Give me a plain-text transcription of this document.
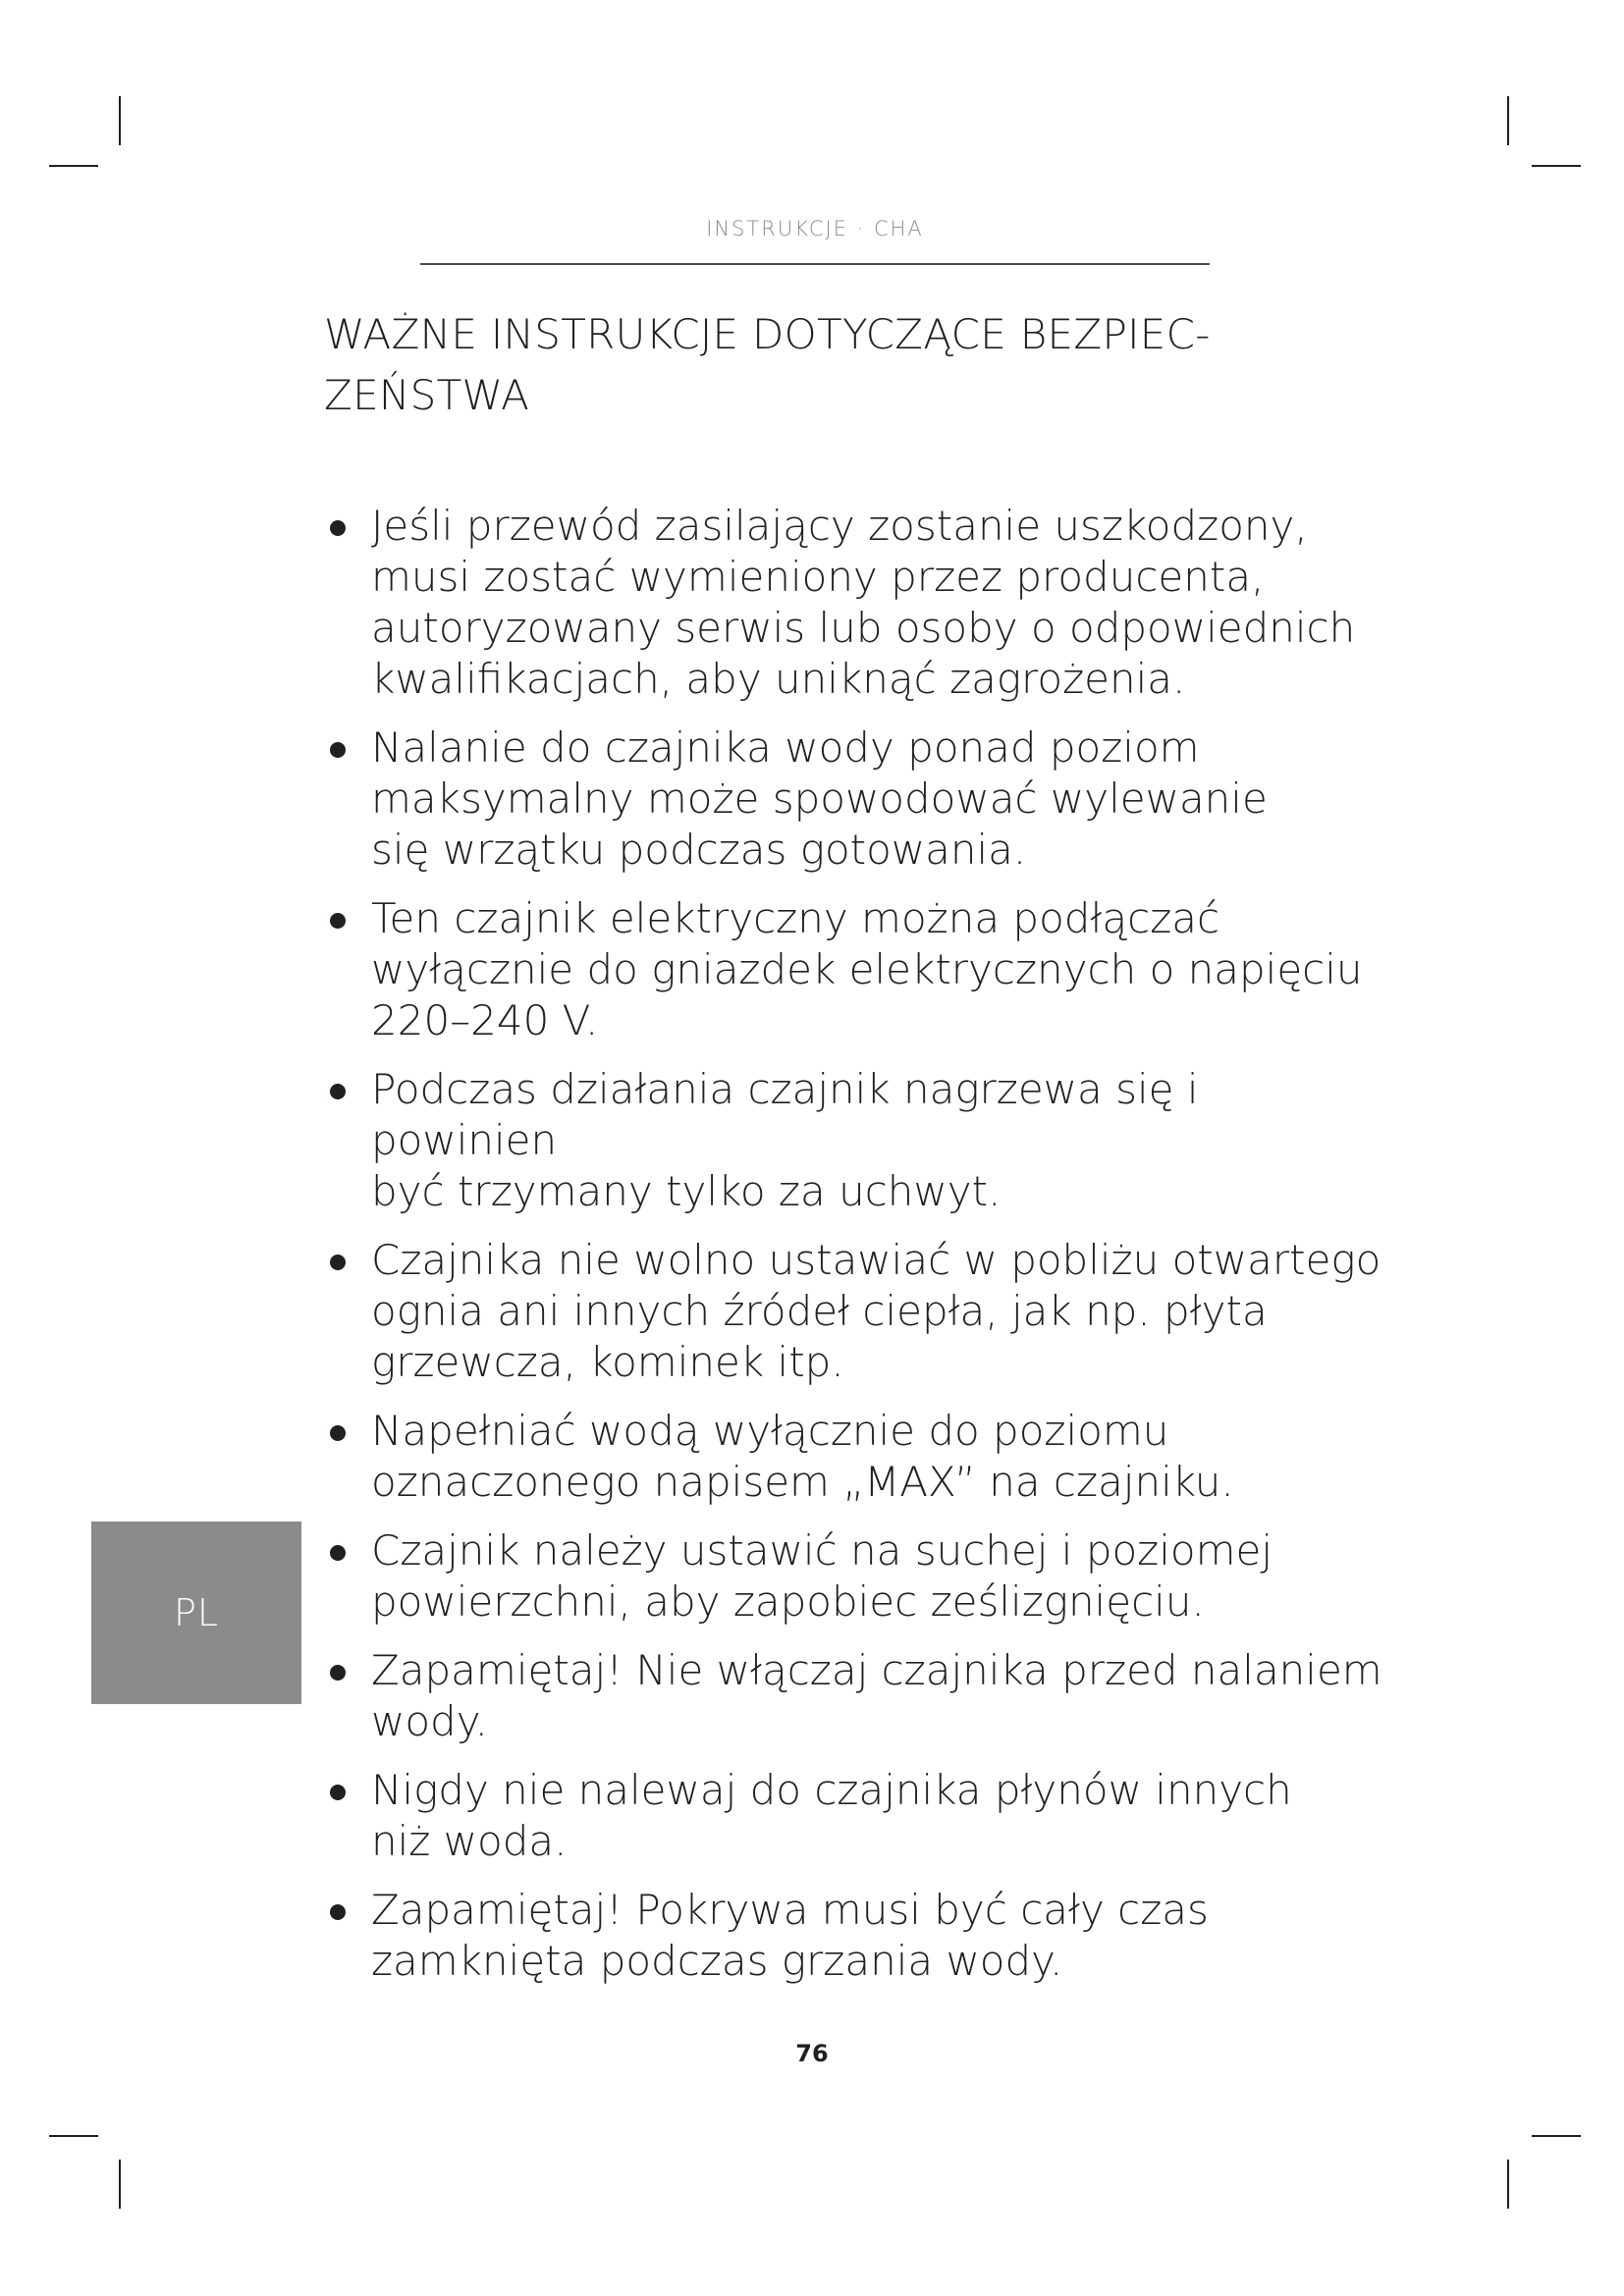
INSTRUKCJE · CHA
WAŻNE INSTRUKCJE DOTYCZĄCE BEZPIEC-
ZEŃSTWA
Jeśli przewód zasilający zostanie uszkodzony,
musi zostać wymieniony przez producenta,
autoryzowany serwis lub osoby o odpowiednich
kwalifikacjach, aby uniknąć zagrożenia.
Nalanie do czajnika wody ponad poziom
maksymalny może spowodować wylewanie
się wrzątku podczas gotowania.
Ten czajnik elektryczny można podłączać
wyłącznie do gniazdek elektrycznych o napięciu
220–240 V.
Podczas działania czajnik nagrzewa się i powinien
być trzymany tylko za uchwyt.
Czajnika nie wolno ustawiać w pobliżu otwartego
ognia ani innych źródeł ciepła, jak np. płyta
grzewcza, kominek itp.
Napełniać wodą wyłącznie do poziomu
oznaczonego napisem „MAX” na czajniku.
Czajnik należy ustawić na suchej i poziomej
powierzchni, aby zapobiec ześlizgnięciu.
Zapamiętaj! Nie włączaj czajnika przed nalaniem
wody.
Nigdy nie nalewaj do czajnika płynów innych
niż woda.
Zapamiętaj! Pokrywa musi być cały czas
zamknięta podczas grzania wody.
PL
76
